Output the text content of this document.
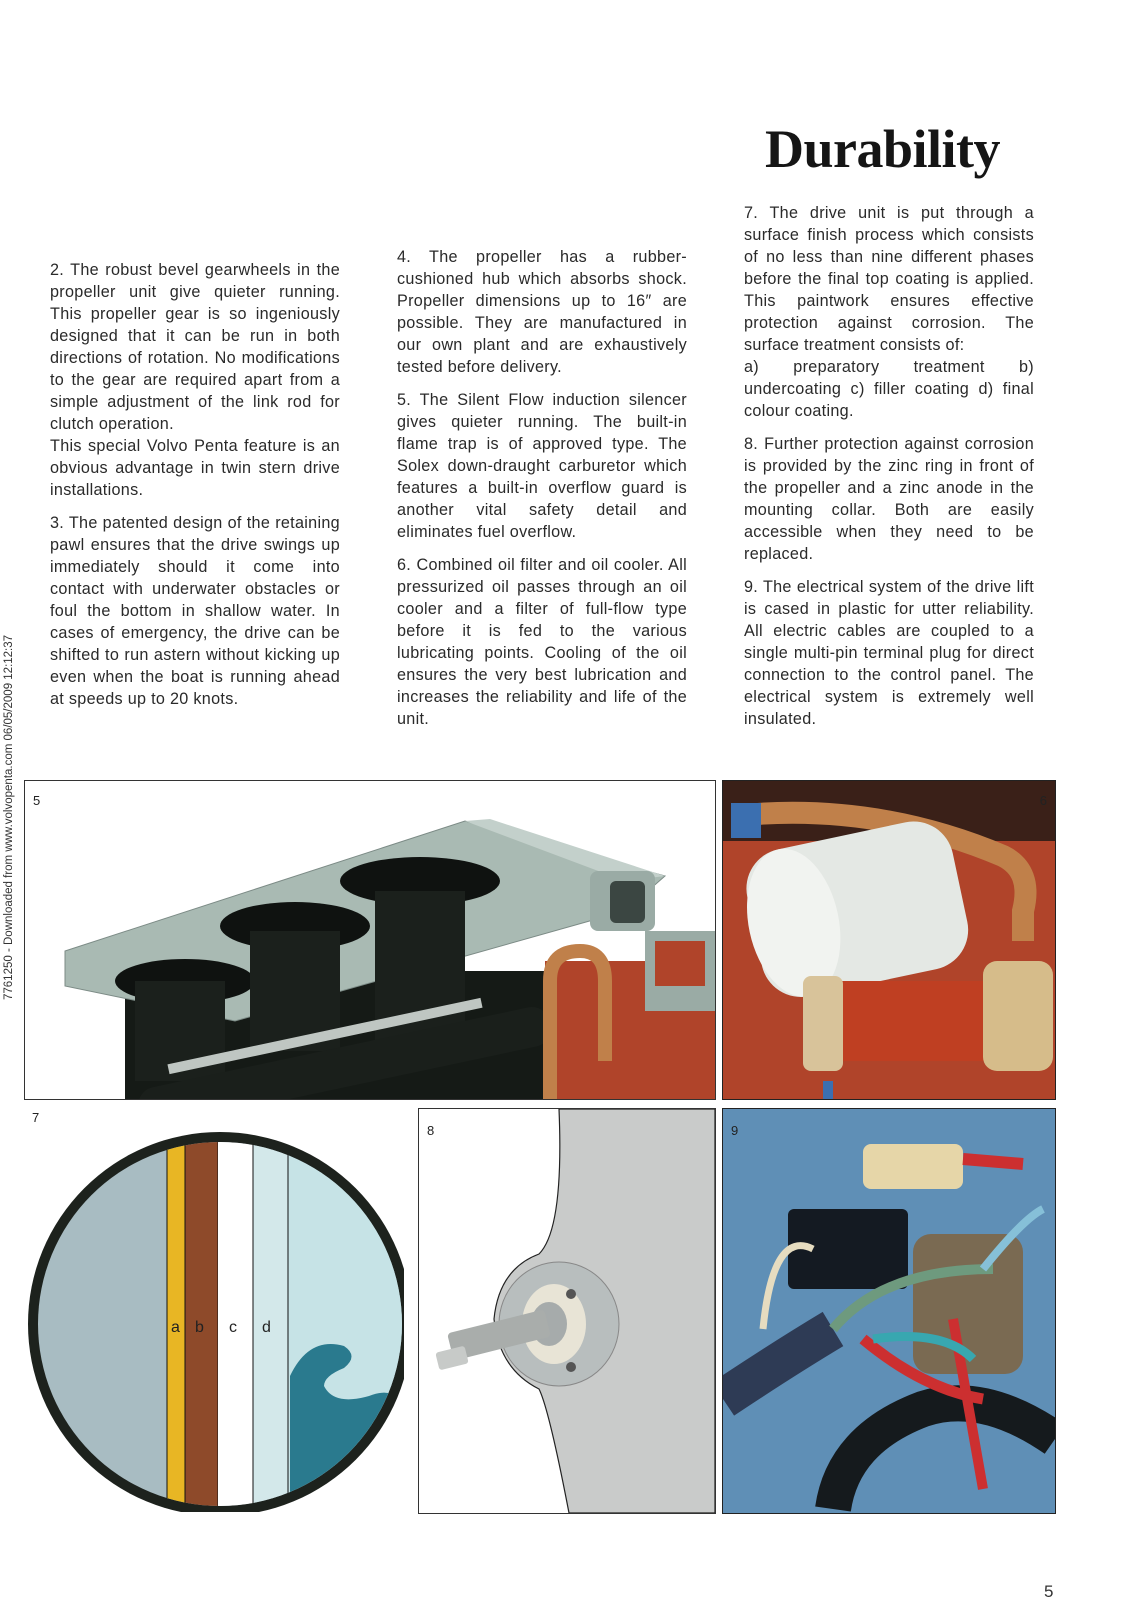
Durability
7761250 - Downloaded from www.volvopenta.com 06/05/2009 12:12:37

2. The robust bevel gearwheels in the propeller unit give quieter running. This propeller gear is so ingeniously designed that it can be run in both directions of rotation. No modifications to the gear are required apart from a simple adjustment of the link rod for clutch operation.

This special Volvo Penta feature is an obvious advantage in twin stern drive installations.

3. The patented design of the retaining pawl ensures that the drive swings up immediately should it come into contact with underwater obstacles or foul the bottom in shallow water. In cases of emergency, the drive can be shifted to run astern without kicking up even when the boat is running ahead at speeds up to 20 knots.

4. The propeller has a rubber-cushioned hub which absorbs shock. Propeller dimensions up to 16″ are possible. They are manufactured in our own plant and are exhaustively tested before delivery.

5. The Silent Flow induction silencer gives quieter running. The built-in flame trap is of approved type. The Solex down-draught carburetor which features a built-in overflow guard is another vital safety detail and eliminates fuel overflow.

6. Combined oil filter and oil cooler. All pressurized oil passes through an oil cooler and a filter of full-flow type before it is fed to the various lubricating points. Cooling of the oil ensures the very best lubrication and increases the reliability and life of the unit.

7. The drive unit is put through a surface finish process which consists of no less than nine different phases before the final top coating is applied. This paintwork ensures effective protection against corrosion. The surface treatment consists of:

a) preparatory treatment b) undercoating c) filler coating d) final colour coating.

8. Further protection against corrosion is provided by the zinc ring in front of the propeller and a zinc anode in the mounting collar. Both are easily accessible when they need to be replaced.

9. The electrical system of the drive lift is cased in plastic for utter reliability. All electric cables are coupled to a single multi-pin terminal plug for direct connection to the control panel. The electrical system is extremely well insulated.

5	6
7
a b c d
8	9
5
